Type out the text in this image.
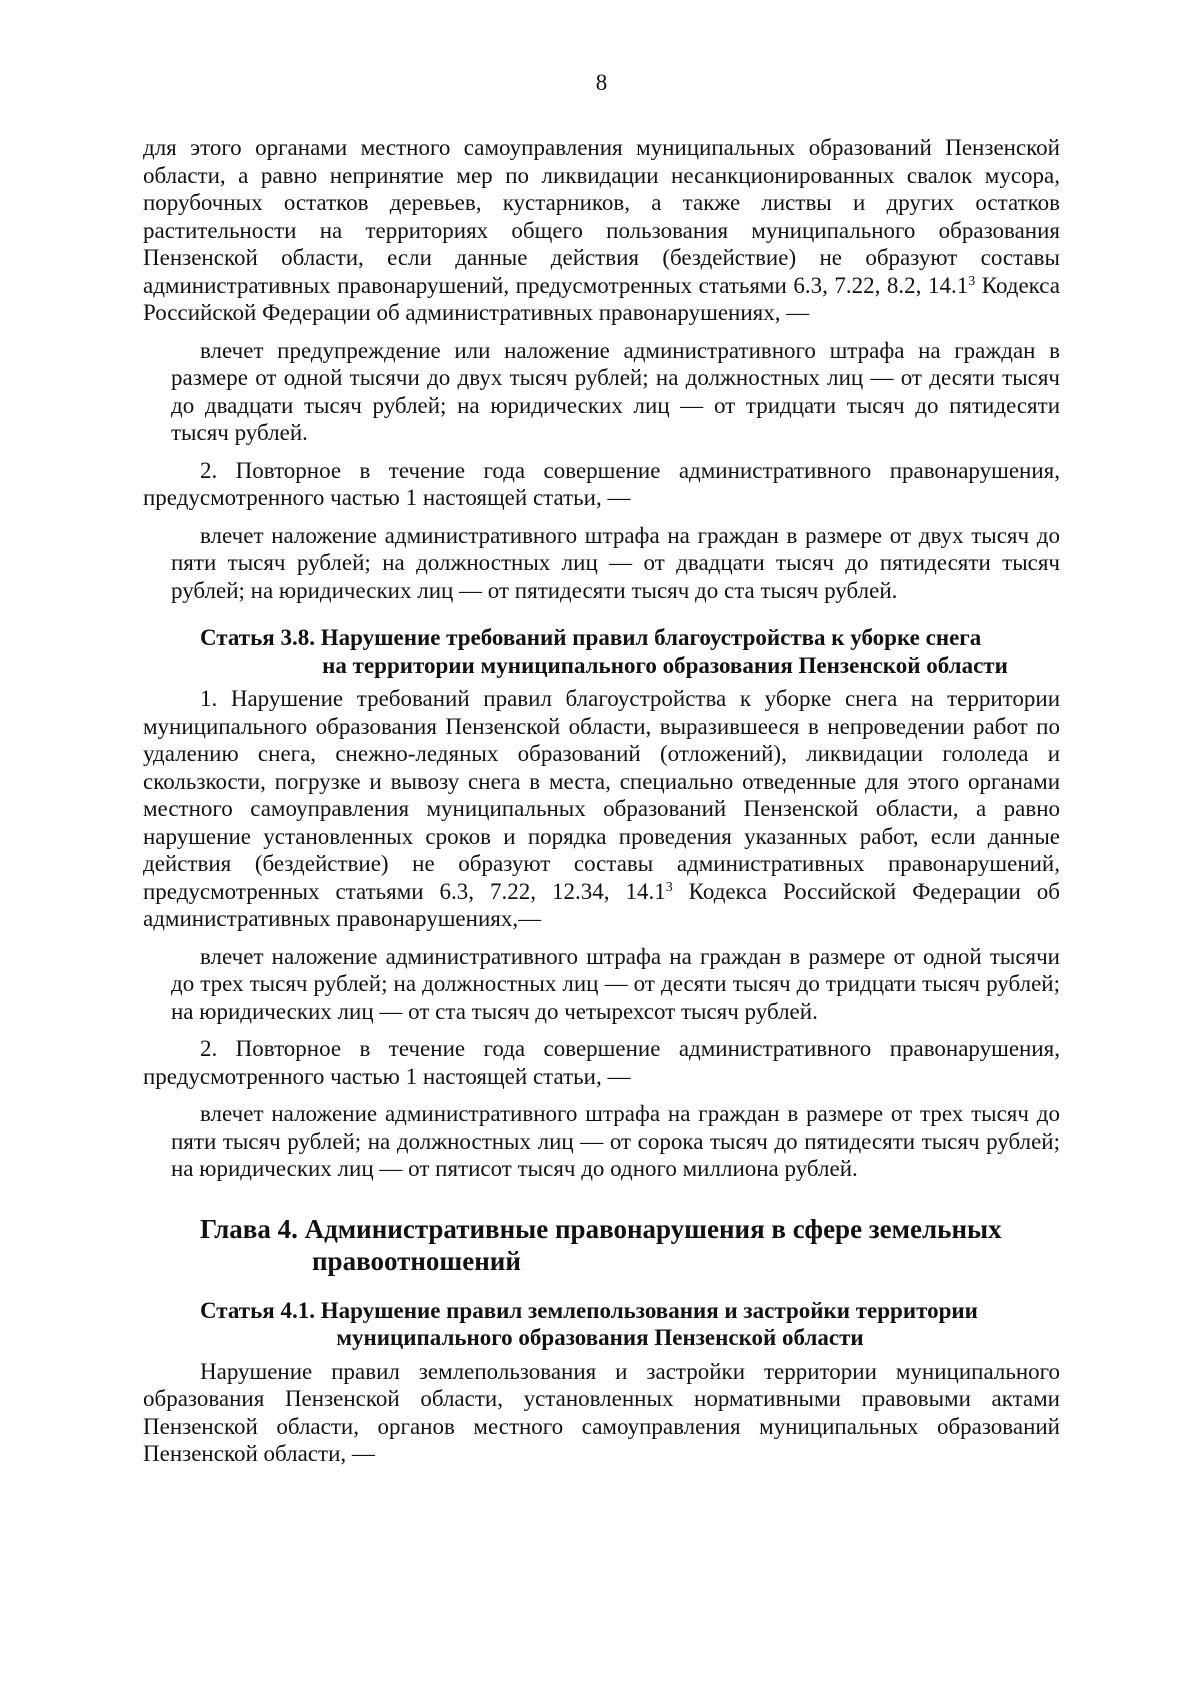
8

для этого органами местного самоуправления муниципальных образований Пензенской области, а равно непринятие мер по ликвидации несанкционированных свалок мусора, порубочных остатков деревьев, кустарников, а также листвы и других остатков растительности на территориях общего пользования муниципального образования Пензенской области, если данные действия (бездействие) не образуют составы административных правонарушений, предусмотренных статьями 6.3, 7.22, 8.2, 14.1$^3$ Кодекса Российской Федерации об административных правонарушениях, —

влечет предупреждение или наложение административного штрафа на граждан в размере от одной тысячи до двух тысяч рублей; на должностных лиц — от десяти тысяч до двадцати тысяч рублей; на юридических лиц — от тридцати тысяч до пятидесяти тысяч рублей.

2. Повторное в течение года совершение административного правонарушения, предусмотренного частью 1 настоящей статьи, —

влечет наложение административного штрафа на граждан в размере от двух тысяч до пяти тысяч рублей; на должностных лиц — от двадцати тысяч до пятидесяти тысяч рублей; на юридических лиц — от пятидесяти тысяч до ста тысяч рублей.

Статья 3.8. Нарушение требований правил благоустройства к уборке снега
на территории муниципального образования Пензенской области

1. Нарушение требований правил благоустройства к уборке снега на территории муниципального образования Пензенской области, выразившееся в непроведении работ по удалению снега, снежно-ледяных образований (отложений), ликвидации гололеда и скользкости, погрузке и вывозу снега в места, специально отведенные для этого органами местного самоуправления муниципальных образований Пензенской области, а равно нарушение установленных сроков и порядка проведения указанных работ, если данные действия (бездействие) не образуют составы административных правонарушений, предусмотренных статьями 6.3, 7.22, 12.34, 14.1$^3$ Кодекса Российской Федерации об административных правонарушениях,—

влечет наложение административного штрафа на граждан в размере от одной тысячи до трех тысяч рублей; на должностных лиц — от десяти тысяч до тридцати тысяч рублей; на юридических лиц — от ста тысяч до четырехсот тысяч рублей.

2. Повторное в течение года совершение административного правонарушения, предусмотренного частью 1 настоящей статьи, —

влечет наложение административного штрафа на граждан в размере от трех тысяч до пяти тысяч рублей; на должностных лиц — от сорока тысяч до пятидесяти тысяч рублей; на юридических лиц — от пятисот тысяч до одного миллиона рублей.

Глава 4. Административные правонарушения в сфере земельных
правоотношений
Статья 4.1. Нарушение правил землепользования и застройки территории
муниципального образования Пензенской области

Нарушение правил землепользования и застройки территории муниципального образования Пензенской области, установленных нормативными правовыми актами Пензенской области, органов местного самоуправления муниципальных образований Пензенской области, —
